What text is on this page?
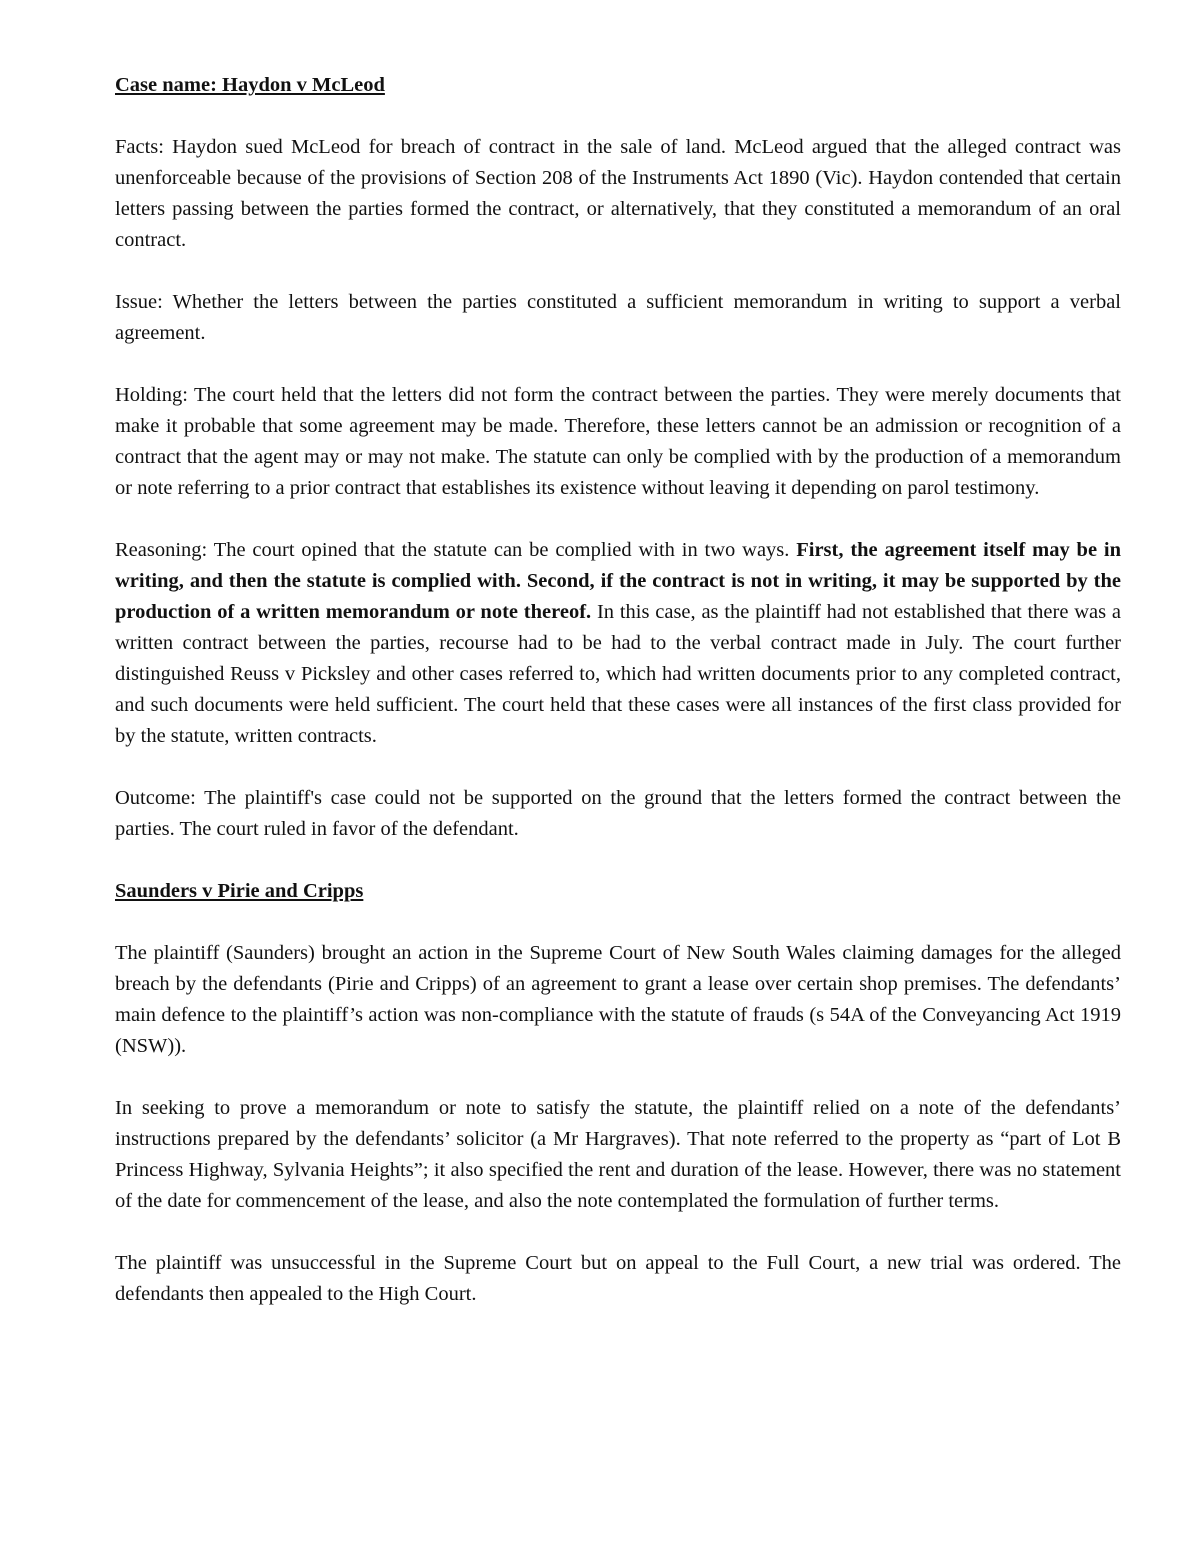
Case name: Haydon v McLeod

Facts: Haydon sued McLeod for breach of contract in the sale of land. McLeod argued that the alleged contract was unenforceable because of the provisions of Section 208 of the Instruments Act 1890 (Vic). Haydon contended that certain letters passing between the parties formed the contract, or alternatively, that they constituted a memorandum of an oral contract.

Issue: Whether the letters between the parties constituted a sufficient memorandum in writing to support a verbal agreement.

Holding: The court held that the letters did not form the contract between the parties. They were merely documents that make it probable that some agreement may be made. Therefore, these letters cannot be an admission or recognition of a contract that the agent may or may not make. The statute can only be complied with by the production of a memorandum or note referring to a prior contract that establishes its existence without leaving it depending on parol testimony.

Reasoning: The court opined that the statute can be complied with in two ways. First, the agreement itself may be in writing, and then the statute is complied with. Second, if the contract is not in writing, it may be supported by the production of a written memorandum or note thereof. In this case, as the plaintiff had not established that there was a written contract between the parties, recourse had to be had to the verbal contract made in July. The court further distinguished Reuss v Picksley and other cases referred to, which had written documents prior to any completed contract, and such documents were held sufficient. The court held that these cases were all instances of the first class provided for by the statute, written contracts.

Outcome: The plaintiff's case could not be supported on the ground that the letters formed the contract between the parties. The court ruled in favor of the defendant.

Saunders v Pirie and Cripps

The plaintiff (Saunders) brought an action in the Supreme Court of New South Wales claiming damages for the alleged breach by the defendants (Pirie and Cripps) of an agreement to grant a lease over certain shop premises. The defendants’ main defence to the plaintiff’s action was non-compliance with the statute of frauds (s 54A of the Conveyancing Act 1919 (NSW)).

In seeking to prove a memorandum or note to satisfy the statute, the plaintiff relied on a note of the defendants’ instructions prepared by the defendants’ solicitor (a Mr Hargraves). That note referred to the property as “part of Lot B Princess Highway, Sylvania Heights”; it also specified the rent and duration of the lease. However, there was no statement of the date for commencement of the lease, and also the note contemplated the formulation of further terms.

The plaintiff was unsuccessful in the Supreme Court but on appeal to the Full Court, a new trial was ordered. The defendants then appealed to the High Court.
